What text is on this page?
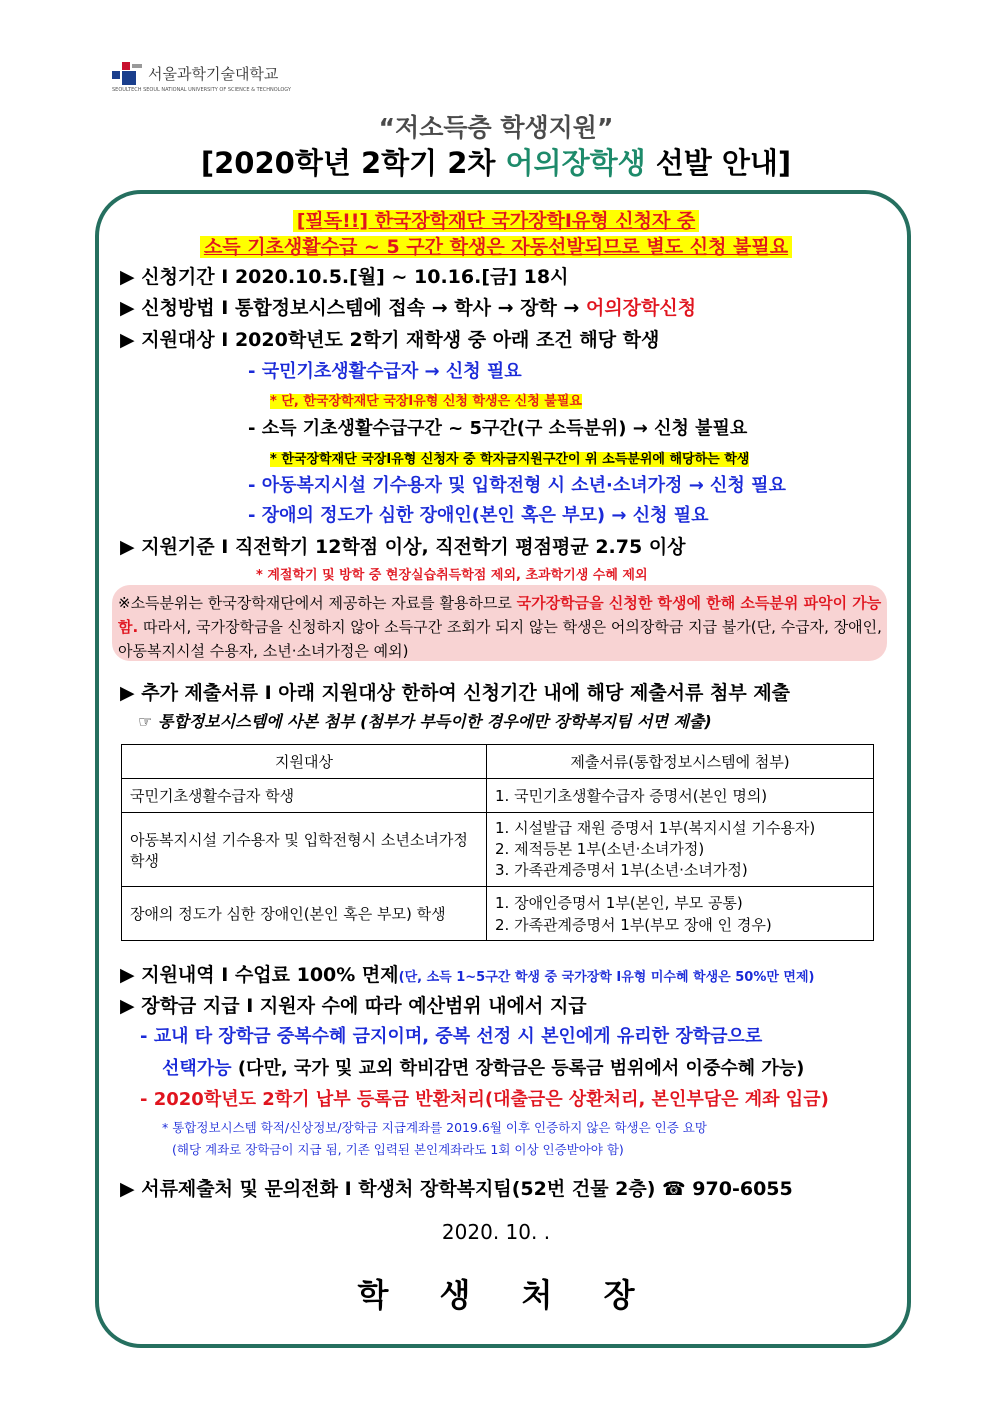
서울과학기술대학교
SEOULTECH SEOUL NATIONAL UNIVERSITY OF SCIENCE & TECHNOLOGY
“저소득층 학생지원”
[2020학년 2학기 2차 어의장학생 선발 안내]
[필독!!] 한국장학재단 국가장학Ⅰ유형 신청자 중
소득 기초생활수급 ~ 5 구간 학생은 자동선발되므로 별도 신청 불필요
▶ 신청기간 Ⅰ 2020.10.5.[월] ~ 10.16.[금] 18시
▶ 신청방법 Ⅰ 통합정보시스템에 접속 → 학사 → 장학 → 어의장학신청
▶ 지원대상 Ⅰ 2020학년도 2학기 재학생 중 아래 조건 해당 학생
- 국민기초생활수급자 → 신청 필요
* 단, 한국장학재단 국장Ⅰ유형 신청 학생은 신청 불필요
- 소득 기초생활수급구간 ~ 5구간(구 소득분위) → 신청 불필요
* 한국장학재단 국장Ⅰ유형 신청자 중 학자금지원구간이 위 소득분위에 해당하는 학생
- 아동복지시설 기수용자 및 입학전형 시 소년·소녀가정 → 신청 필요
- 장애의 정도가 심한 장애인(본인 혹은 부모) → 신청 필요
▶ 지원기준 Ⅰ 직전학기 12학점 이상, 직전학기 평점평균 2.75 이상
* 계절학기 및 방학 중 현장실습취득학점 제외, 초과학기생 수혜 제외
※소득분위는 한국장학재단에서 제공하는 자료를 활용하므로 국가장학금을 신청한 학생에 한해 소득분위 파악이 가능함. 따라서, 국가장학금을 신청하지 않아 소득구간 조회가 되지 않는 학생은 어의장학금 지급 불가(단, 수급자, 장애인, 아동복지시설 수용자, 소년·소녀가정은 예외)
▶ 추가 제출서류 Ⅰ 아래 지원대상 한하여 신청기간 내에 해당 제출서류 첨부 제출
☞ 통합정보시스템에 사본 첨부 (첨부가 부득이한 경우에만 장학복지팀 서면 제출)
지원대상	제출서류(통합정보시스템에 첨부)
국민기초생활수급자 학생	1. 국민기초생활수급자 증명서(본인 명의)

아동복지시설 기수용자 및 입학전형시 소년소녀가정 학생	1. 시설발급 재원 증명서 1부(복지시설 기수용자)
2. 제적등본 1부(소년·소녀가정)
3. 가족관계증명서 1부(소년·소녀가정)

장애의 정도가 심한 장애인(본인 혹은 부모) 학생	1. 장애인증명서 1부(본인, 부모 공통)
2. 가족관계증명서 1부(부모 장애 인 경우)
▶ 지원내역 Ⅰ 수업료 100% 면제(단, 소득 1~5구간 학생 중 국가장학 Ⅰ유형 미수혜 학생은 50%만 면제)
▶ 장학금 지급 Ⅰ 지원자 수에 따라 예산범위 내에서 지급
- 교내 타 장학금 중복수혜 금지이며, 중복 선정 시 본인에게 유리한 장학금으로
선택가능 (다만, 국가 및 교외 학비감면 장학금은 등록금 범위에서 이중수혜 가능)
- 2020학년도 2학기 납부 등록금 반환처리(대출금은 상환처리, 본인부담은 계좌 입금)
* 통합정보시스템 학적/신상정보/장학금 지급계좌를 2019.6월 이후 인증하지 않은 학생은 인증 요망
(해당 계좌로 장학금이 지급 됨, 기존 입력된 본인계좌라도 1회 이상 인증받아야 함)
▶ 서류제출처 및 문의전화 Ⅰ 학생처 장학복지팀(52번 건물 2층) ☎ 970-6055
2020. 10. .
학 생 처 장
